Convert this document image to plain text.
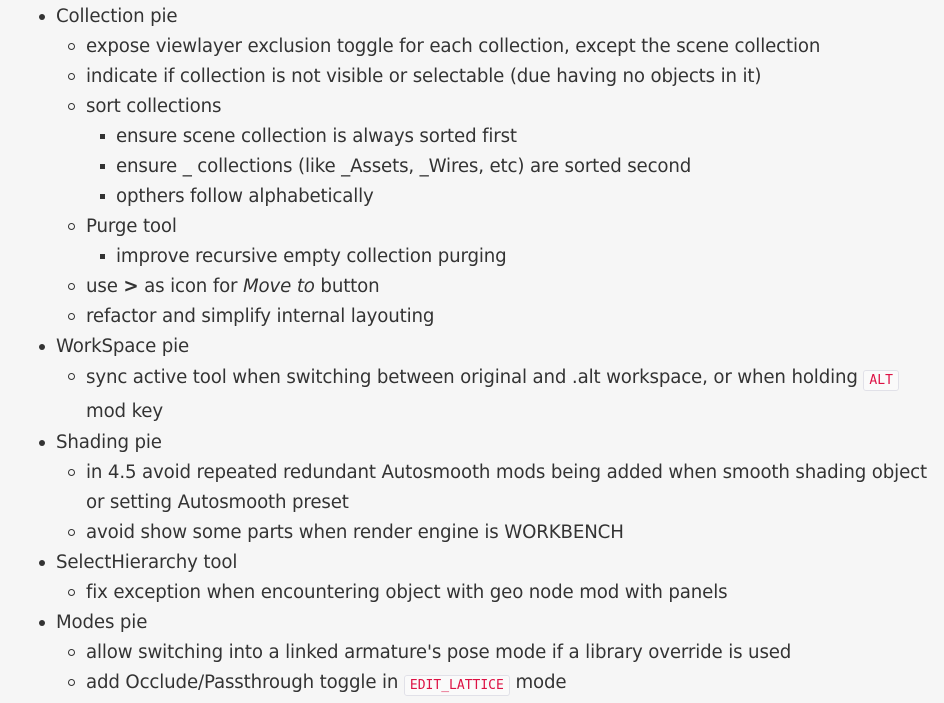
Collection pie
expose viewlayer exclusion toggle for each collection, except the scene collection
indicate if collection is not visible or selectable (due having no objects in it)
sort collections
ensure scene collection is always sorted first
ensure _ collections (like _Assets, _Wires, etc) are sorted second
opthers follow alphabetically
Purge tool
improve recursive empty collection purging
use > as icon for Move to button
refactor and simplify internal layouting
WorkSpace pie
sync active tool when switching between original and .alt workspace, or when holding ALT mod key
Shading pie
in 4.5 avoid repeated redundant Autosmooth mods being added when smooth shading object or setting Autosmooth preset
avoid show some parts when render engine is WORKBENCH
SelectHierarchy tool
fix exception when encountering object with geo node mod with panels
Modes pie
allow switching into a linked armature's pose mode if a library override is used
add Occlude/Passthrough toggle in EDIT_LATTICE mode
